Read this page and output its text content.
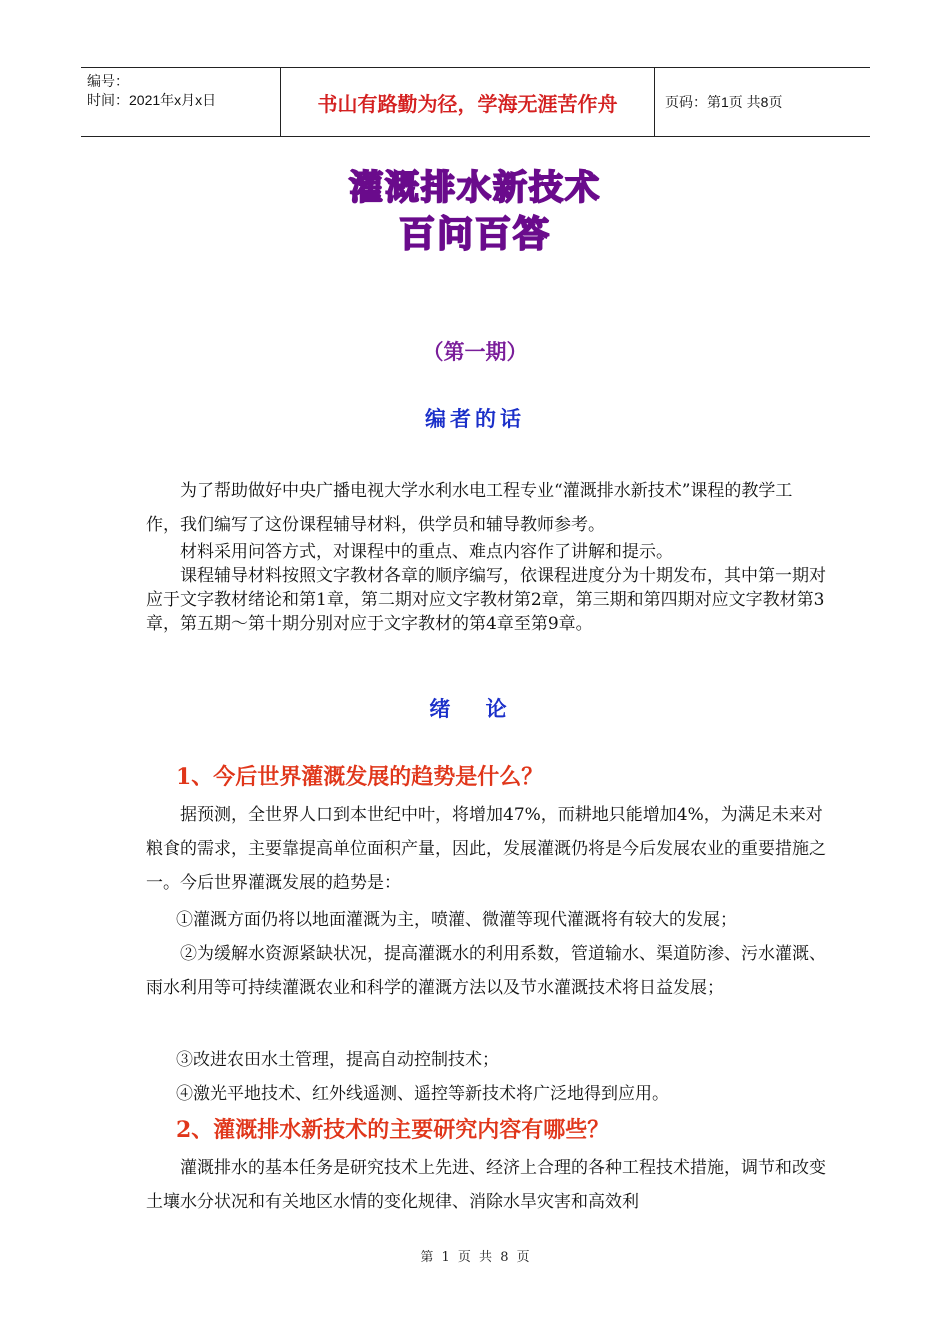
编号：
时间：2021年x月x日	书山有路勤为径，学海无涯苦作舟	页码：第1页 共8页
灌溉排水新技术
百问百答
（第一期）
编者的话
为了帮助做好中央广播电视大学水利水电工程专业“灌溉排水新技术”课程的教学工作，我们编写了这份课程辅导材料，供学员和辅导教师参考。
材料采用问答方式，对课程中的重点、难点内容作了讲解和提示。
课程辅导材料按照文字教材各章的顺序编写，依课程进度分为十期发布，其中第一期对应于文字教材绪论和第1章，第二期对应文字教材第2章，第三期和第四期对应文字教材第3章，第五期～第十期分别对应于文字教材的第4章至第9章。
绪 论
1、今后世界灌溉发展的趋势是什么？
据预测，全世界人口到本世纪中叶，将增加47%，而耕地只能增加4%，为满足未来对粮食的需求，主要靠提高单位面积产量，因此，发展灌溉仍将是今后发展农业的重要措施之一。今后世界灌溉发展的趋势是：
①灌溉方面仍将以地面灌溉为主，喷灌、微灌等现代灌溉将有较大的发展；
②为缓解水资源紧缺状况，提高灌溉水的利用系数，管道输水、渠道防渗、污水灌溉、雨水利用等可持续灌溉农业和科学的灌溉方法以及节水灌溉技术将日益发展；
③改进农田水土管理，提高自动控制技术；
④激光平地技术、红外线遥测、遥控等新技术将广泛地得到应用。
2、灌溉排水新技术的主要研究内容有哪些？
灌溉排水的基本任务是研究技术上先进、经济上合理的各种工程技术措施，调节和改变土壤水分状况和有关地区水情的变化规律、消除水旱灾害和高效利
第 1 页 共 8 页
